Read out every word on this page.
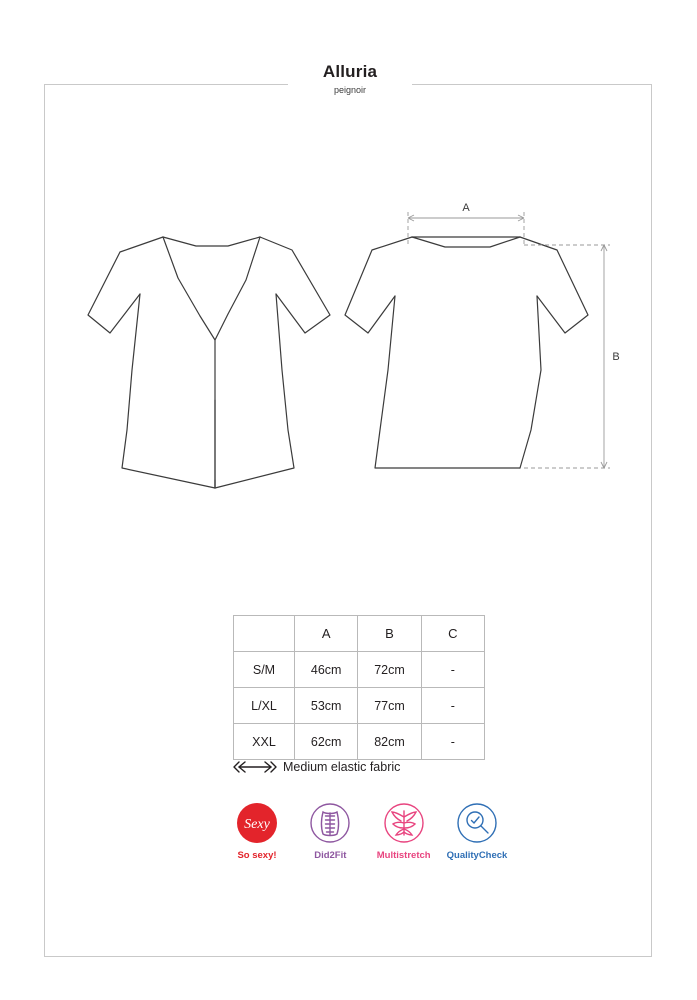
Alluria
peignoir
A
B
	A	B	C
S/M	46cm	72cm	-
L/XL	53cm	77cm	-
XXL	62cm	82cm	-
Medium elastic fabric
Sexy
So sexy!	Did2Fit	Multistretch	QualityCheck
